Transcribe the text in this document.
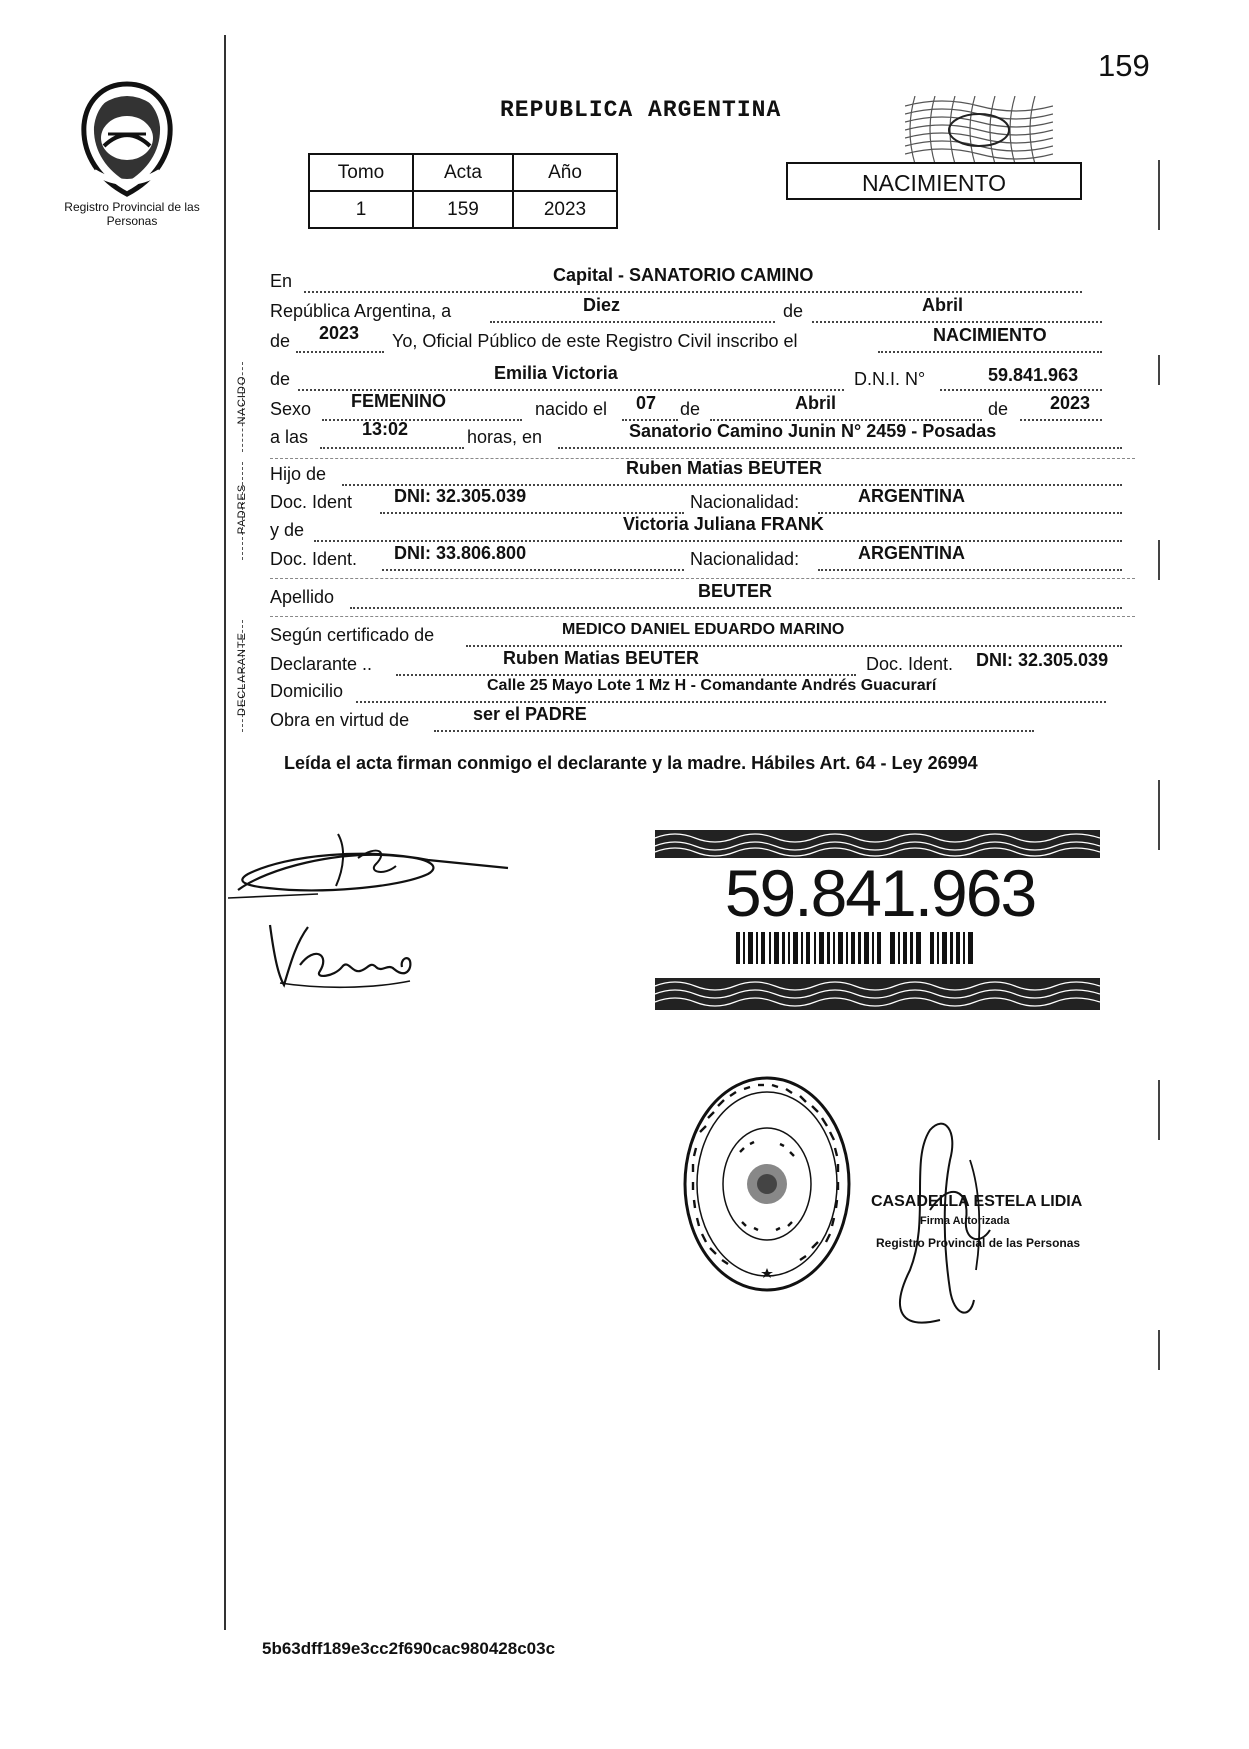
159
Registro Provincial de las Personas
REPUBLICA ARGENTINA
NACIMIENTO
Tomo	Acta	Año
1	159	2023
En	Capital - SANATORIO CAMINO
República Argentina, a	Diez	de	Abril
de 2023 Yo, Oficial Público de este Registro Civil inscribo el	NACIMIENTO
NACIDO de	Emilia Victoria	D.N.I. N°	59.841.963
Sexo FEMENINO	nacido el 07 de	Abril	de 2023
a las	13:02	horas, en	Sanatorio Camino Junin N° 2459 - Posadas
PADRES
Hijo de	Ruben Matias BEUTER
Doc. Ident DNI: 32.305.039	Nacionalidad:	ARGENTINA
y de	Victoria Juliana FRANK
Doc. Ident. DNI: 33.806.800	Nacionalidad:	ARGENTINA
Apellido	BEUTER
DECLARANTE Según certificado de	MEDICO DANIEL EDUARDO MARINO
Declarante ..	Ruben Matias BEUTER	Doc. Ident. DNI: 32.305.039
Domicilio	Calle 25 Mayo Lote 1 Mz H - Comandante Andrés Guacurarí
Obra en virtud de	ser el PADRE
Leída el acta firman conmigo el declarante y la madre. Hábiles Art. 64 - Ley 26994
59.841.963
CASADELLA ESTELA LIDIA
Firma Autorizada
Registro Provincial de las Personas
5b63dff189e3cc2f690cac980428c03c
